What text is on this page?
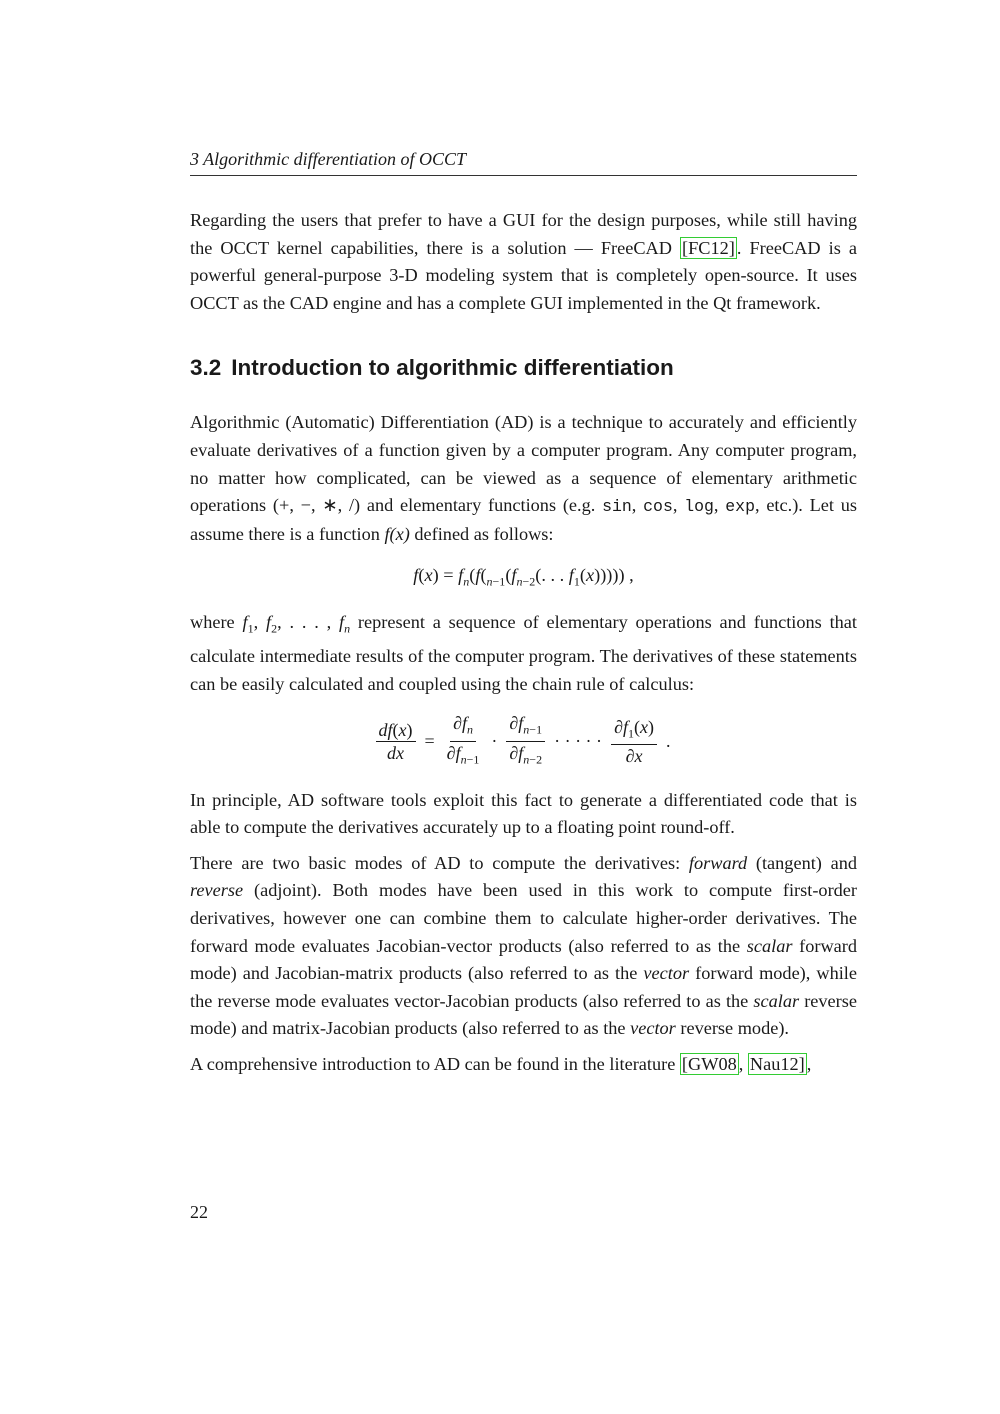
3 Algorithmic differentiation of OCCT

Regarding the users that prefer to have a GUI for the design purposes, while still having the OCCT kernel capabilities, there is a solution — FreeCAD [FC12] . FreeCAD is a powerful general-purpose 3-D modeling system that is completely open-source. It uses OCCT as the CAD engine and has a complete GUI implemented in the Qt framework.

3.2 Introduction to algorithmic differentiation

Algorithmic (Automatic) Differentiation (AD) is a technique to accurately and efficiently evaluate derivatives of a function given by a computer program. Any computer program, no matter how complicated, can be viewed as a sequence of elementary arithmetic operations (+, −, ∗, /) and elementary functions (e.g. sin, cos, log, exp, etc.). Let us assume there is a function f(x) defined as follows:

$f(x) = f_n(f(_{n-1}(f_{n-2}$(. . . $f_1(x)$)))) ,

where $f_1$, $f_2$, . . . , $f_n$ represent a sequence of elementary operations and functions that calculate intermediate results of the computer program. The derivatives of these statements can be easily calculated and coupled using the chain rule of calculus:

$\frac{df(x)}{dx} = \frac{\partial f_n}{\partial f_{n-1}} \cdot \frac{\partial f_{n-1}}{\partial f_{n-2}}$ · · · · · $\frac{\partial f_1(x)}{\partial x}$ .

In principle, AD software tools exploit this fact to generate a differentiated code that is able to compute the derivatives accurately up to a floating point round-off.

There are two basic modes of AD to compute the derivatives: forward (tangent) and reverse (adjoint). Both modes have been used in this work to compute first-order derivatives, however one can combine them to calculate higher-order derivatives. The forward mode evaluates Jacobian-vector products (also referred to as the scalar forward mode) and Jacobian-matrix products (also referred to as the vector forward mode), while the reverse mode evaluates vector-Jacobian products (also referred to as the scalar reverse mode) and matrix-Jacobian products (also referred to as the vector reverse mode).

A comprehensive introduction to AD can be found in the literature [GW08 , Nau12] ,

22
